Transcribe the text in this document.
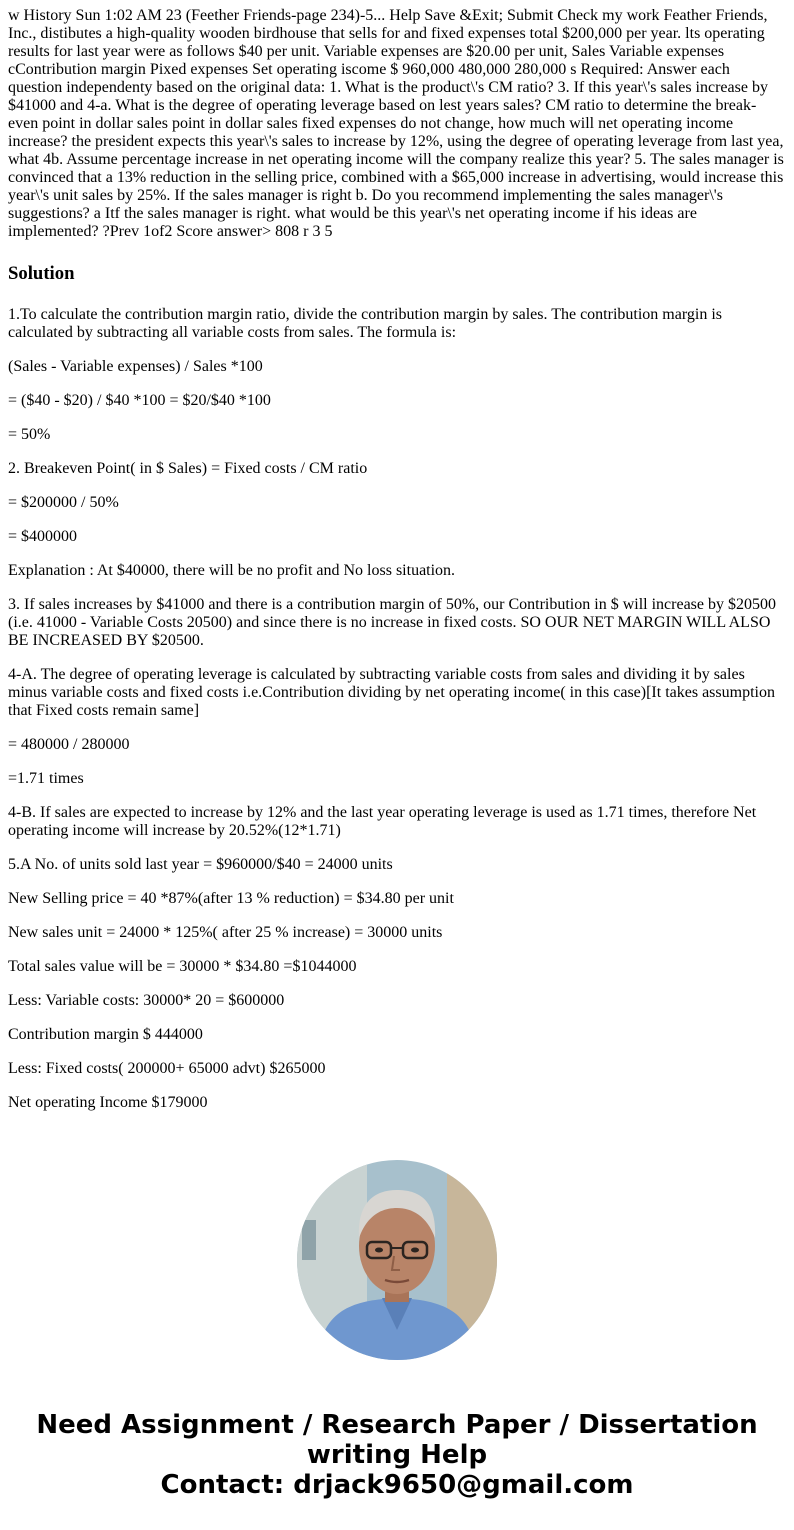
w History Sun 1:02 AM 23 (Feether Friends-page 234)-5... Help Save &Exit; Submit Check my work Feather Friends, Inc., distibutes a high-quality wooden birdhouse that sells for and fixed expenses total $200,000 per year. lts operating results for last year were as follows $40 per unit. Variable expenses are $20.00 per unit, Sales Variable expenses cContribution margin Pixed expenses Set operating iscome $ 960,000 480,000 280,000 s Required: Answer each question independenty based on the original data: 1. What is the product\'s CM ratio? 3. If this year\'s sales increase by $41000 and 4-a. What is the degree of operating leverage based on lest years sales? CM ratio to determine the break-even point in dollar sales point in dollar sales fixed expenses do not change, how much will net operating income increase? the president expects this year\'s sales to increase by 12%, using the degree of operating leverage from last yea, what 4b. Assume percentage increase in net operating income will the company realize this year? 5. The sales manager is convinced that a 13% reduction in the selling price, combined with a $65,000 increase in advertising, would increase this year\'s unit sales by 25%. If the sales manager is right b. Do you recommend implementing the sales manager\'s suggestions? a Itf the sales manager is right. what would be this year\'s net operating income if his ideas are implemented? ?Prev 1of2 Score answer> 808 r 3 5
Solution

1.To calculate the contribution margin ratio, divide the contribution margin by sales. The contribution margin is calculated by subtracting all variable costs from sales. The formula is:

(Sales - Variable expenses) / Sales *100

= ($40 - $20) / $40 *100 = $20/$40 *100

= 50%

2. Breakeven Point( in $ Sales) = Fixed costs / CM ratio

= $200000 / 50%

= $400000

Explanation : At $40000, there will be no profit and No loss situation.

3. If sales increases by $41000 and there is a contribution margin of 50%, our Contribution in $ will increase by $20500 (i.e. 41000 - Variable Costs 20500) and since there is no increase in fixed costs. SO OUR NET MARGIN WILL ALSO BE INCREASED BY $20500.

4-A. The degree of operating leverage is calculated by subtracting variable costs from sales and dividing it by sales minus variable costs and fixed costs i.e.Contribution dividing by net operating income( in this case)[It takes assumption that Fixed costs remain same]

= 480000 / 280000

=1.71 times

4-B. If sales are expected to increase by 12% and the last year operating leverage is used as 1.71 times, therefore Net operating income will increase by 20.52%(12*1.71)

5.A No. of units sold last year = $960000/$40 = 24000 units

New Selling price = 40 *87%(after 13 % reduction) = $34.80 per unit

New sales unit = 24000 * 125%( after 25 % increase) = 30000 units

Total sales value will be = 30000 * $34.80 =$1044000

Less: Variable costs: 30000* 20 = $600000

Contribution margin $ 444000

Less: Fixed costs( 200000+ 65000 advt) $265000

Net operating Income $179000

Need Assignment / Research Paper / Dissertation
writing Help
Contact: drjack9650@gmail.com
